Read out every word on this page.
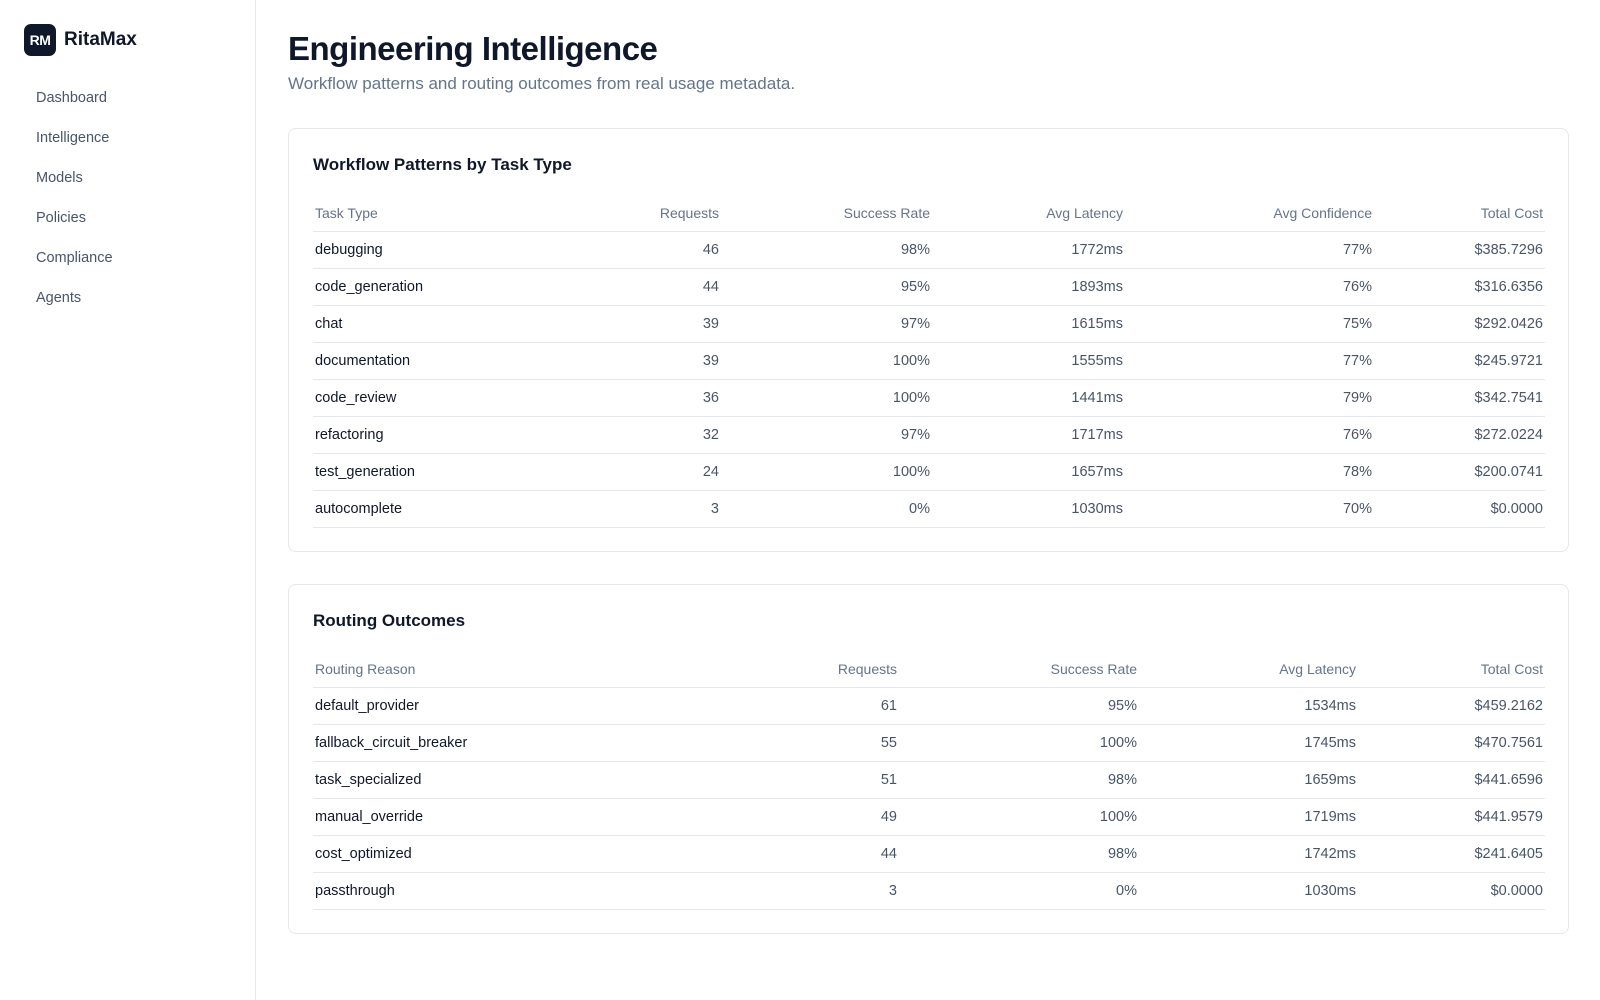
RM RitaMax
Dashboard
Intelligence
Models
Policies
Compliance
Agents
Engineering Intelligence

Workflow patterns and routing outcomes from real usage metadata.

Workflow Patterns by Task Type
Task Type	Requests	Success Rate	Avg Latency	Avg Confidence	Total Cost
debugging	46	98%	1772ms	77%	$385.7296
code_generation	44	95%	1893ms	76%	$316.6356
chat	39	97%	1615ms	75%	$292.0426
documentation	39	100%	1555ms	77%	$245.9721
code_review	36	100%	1441ms	79%	$342.7541
refactoring	32	97%	1717ms	76%	$272.0224
test_generation	24	100%	1657ms	78%	$200.0741
autocomplete	3	0%	1030ms	70%	$0.0000
Routing Outcomes
Routing Reason	Requests	Success Rate	Avg Latency	Total Cost
default_provider	61	95%	1534ms	$459.2162
fallback_circuit_breaker	55	100%	1745ms	$470.7561
task_specialized	51	98%	1659ms	$441.6596
manual_override	49	100%	1719ms	$441.9579
cost_optimized	44	98%	1742ms	$241.6405
passthrough	3	0%	1030ms	$0.0000
